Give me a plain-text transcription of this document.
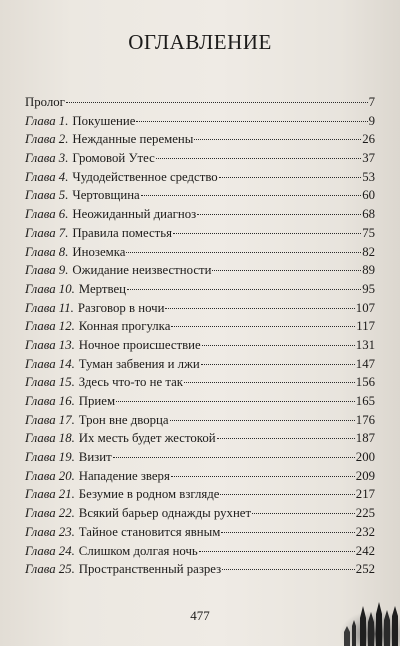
ОГЛАВЛЕНИЕ
Пролог	7
Глава 1. Покушение	9
Глава 2. Нежданные перемены	26
Глава 3. Громовой Утес	37
Глава 4. Чудодейственное средство	53
Глава 5. Чертовщина	60
Глава 6. Неожиданный диагноз	68
Глава 7. Правила поместья	75
Глава 8. Иноземка	82
Глава 9. Ожидание неизвестности	89
Глава 10. Мертвец	95
Глава 11. Разговор в ночи	107
Глава 12. Конная прогулка	117
Глава 13. Ночное происшествие	131
Глава 14. Туман забвения и лжи	147
Глава 15. Здесь что-то не так	156
Глава 16. Прием	165
Глава 17. Трон вне дворца	176
Глава 18. Их месть будет жестокой	187
Глава 19. Визит	200
Глава 20. Нападение зверя	209
Глава 21. Безумие в родном взгляде	217
Глава 22. Всякий барьер однажды рухнет	225
Глава 23. Тайное становится явным	232
Глава 24. Слишком долгая ночь	242
Глава 25. Пространственный разрез	252
477
